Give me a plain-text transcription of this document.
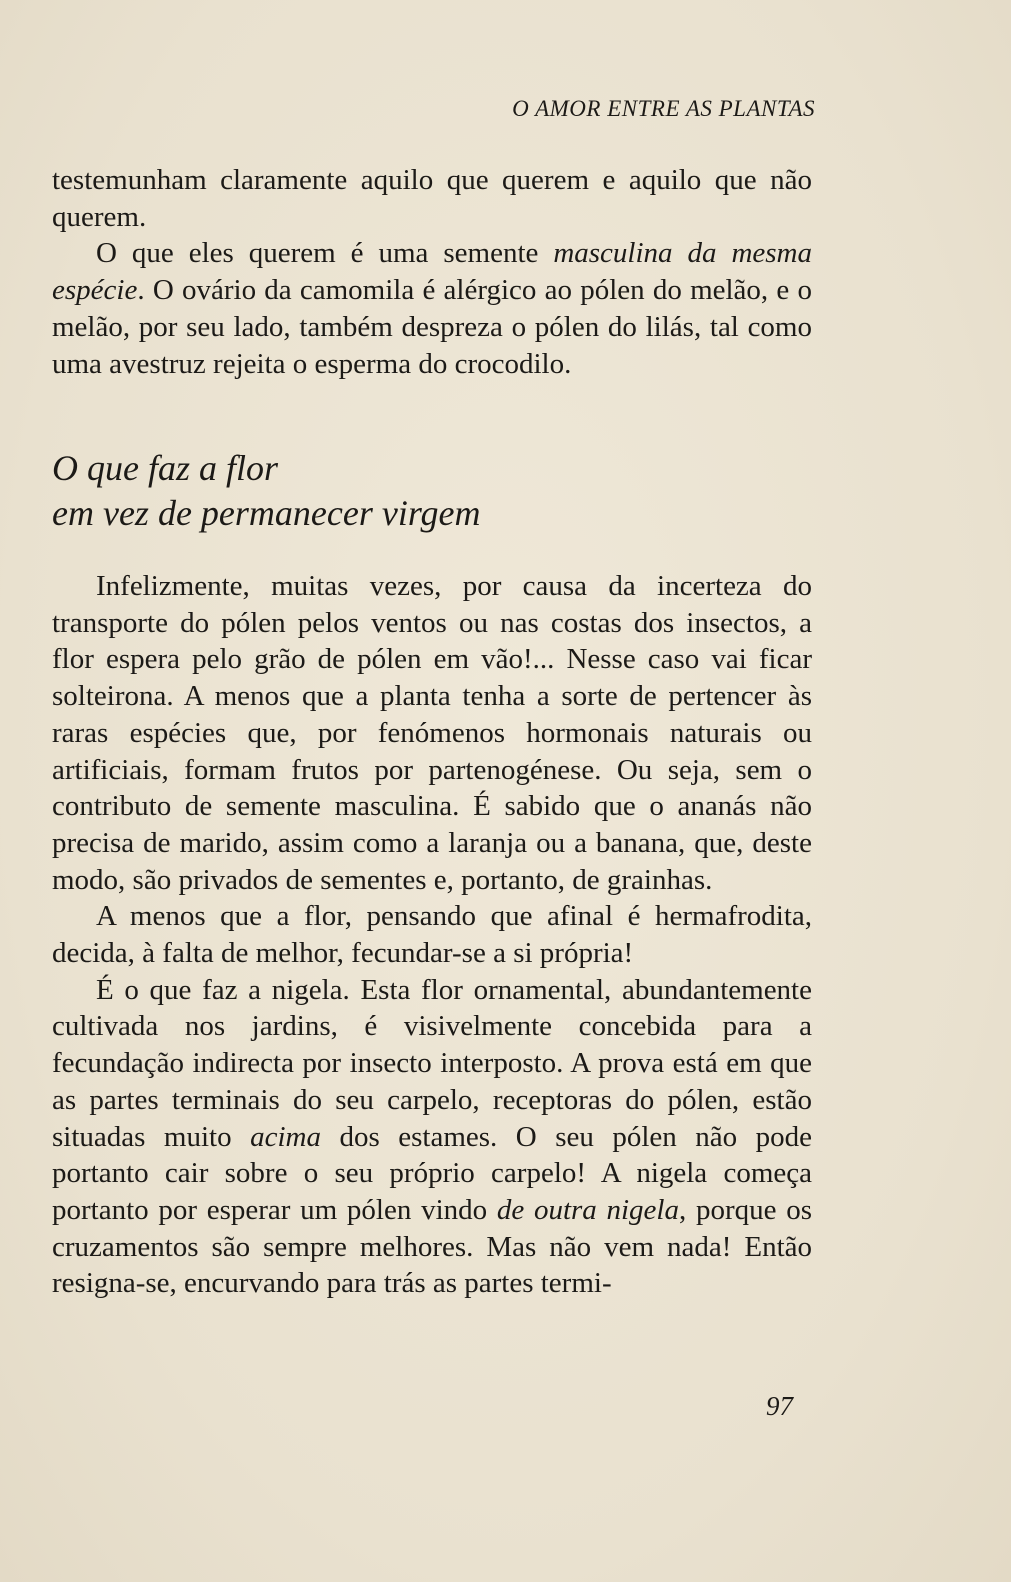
O AMOR ENTRE AS PLANTAS

testemunham claramente aquilo que querem e aquilo que não querem.

O que eles querem é uma semente masculina da mesma espécie. O ovário da camomila é alérgico ao pólen do melão, e o melão, por seu lado, também despreza o pólen do lilás, tal como uma avestruz rejeita o esperma do crocodilo.

O que faz a flor
em vez de permanecer virgem

Infelizmente, muitas vezes, por causa da incerteza do transporte do pólen pelos ventos ou nas costas dos insectos, a flor espera pelo grão de pólen em vão!... Nesse caso vai ficar solteirona. A menos que a planta tenha a sorte de pertencer às raras espécies que, por fenómenos hormonais naturais ou artificiais, formam frutos por partenogénese. Ou seja, sem o contributo de semente masculina. É sabido que o ananás não precisa de marido, assim como a laranja ou a banana, que, deste modo, são privados de sementes e, portanto, de grainhas.

A menos que a flor, pensando que afinal é hermafrodita, decida, à falta de melhor, fecundar-se a si própria!

É o que faz a nigela. Esta flor ornamental, abundantemente cultivada nos jardins, é visivelmente concebida para a fecundação indirecta por insecto interposto. A prova está em que as partes terminais do seu carpelo, receptoras do pólen, estão situadas muito acima dos estames. O seu pólen não pode portanto cair sobre o seu próprio carpelo! A nigela começa portanto por esperar um pólen vindo de outra nigela, porque os cruzamentos são sempre melhores. Mas não vem nada! Então resigna-se, encurvando para trás as partes termi-

97
